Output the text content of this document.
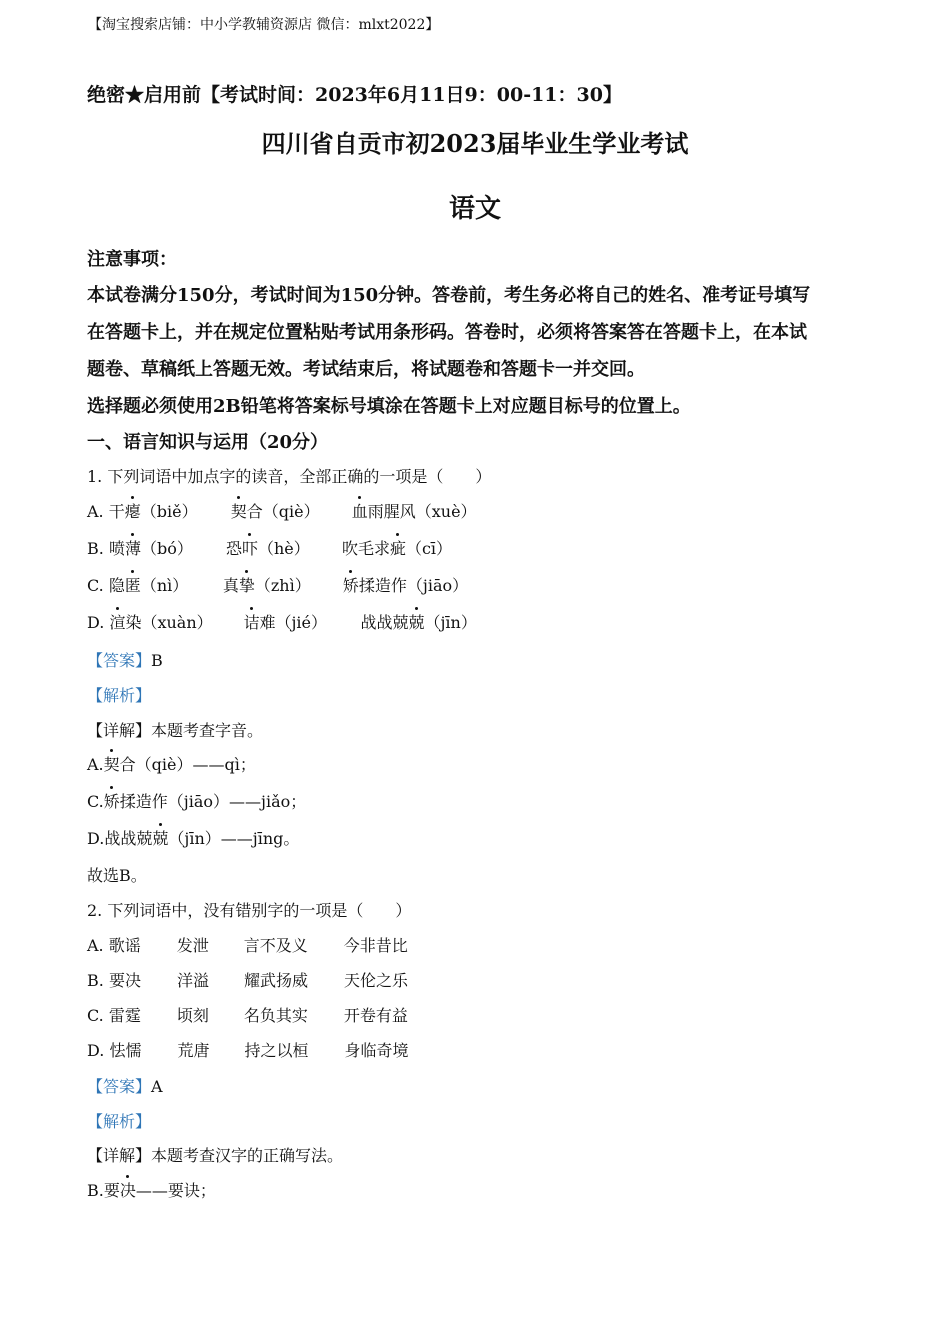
【淘宝搜索店铺：中小学教辅资源店 微信：mlxt2022】
绝密★启用前【考试时间：2023年6月11日9：00-11：30】
四川省自贡市初2023届毕业生学业考试
语文
注意事项：
本试卷满分150分，考试时间为150分钟。答卷前，考生务必将自己的姓名、准考证号填写
在答题卡上，并在规定位置粘贴考试用条形码。答卷时，必须将答案答在答题卡上，在本试
题卷、草稿纸上答题无效。考试结束后，将试题卷和答题卡一并交回。
选择题必须使用2B铅笔将答案标号填涂在答题卡上对应题目标号的位置上。
一、语言知识与运用（20分）
1. 下列词语中加点字的读音，全部正确的一项是（　　）
A. 干瘪（biě） 契合（qiè） 血雨腥风（xuè）
B. 喷薄（bó） 恐吓（hè） 吹毛求疵（cī）
C. 隐匿（nì） 真挚（zhì） 矫揉造作（jiāo）
D. 渲染（xuàn） 诘难（jié） 战战兢兢（jīn）
【答案】B
【解析】
【详解】本题考查字音。
A.契合（qiè）——qì；
C.矫揉造作（jiāo）——jiǎo；
D.战战兢兢（jīn）——jīng。
故选B。
2. 下列词语中，没有错别字的一项是（　　）
A. 歌谣 发泄 言不及义 今非昔比
B. 要决 洋溢 耀武扬威 天伦之乐
C. 雷霆 顷刻 名负其实 开卷有益
D. 怯懦 荒唐 持之以桓 身临奇境
【答案】A
【解析】
【详解】本题考查汉字的正确写法。
B.要决——要诀；
